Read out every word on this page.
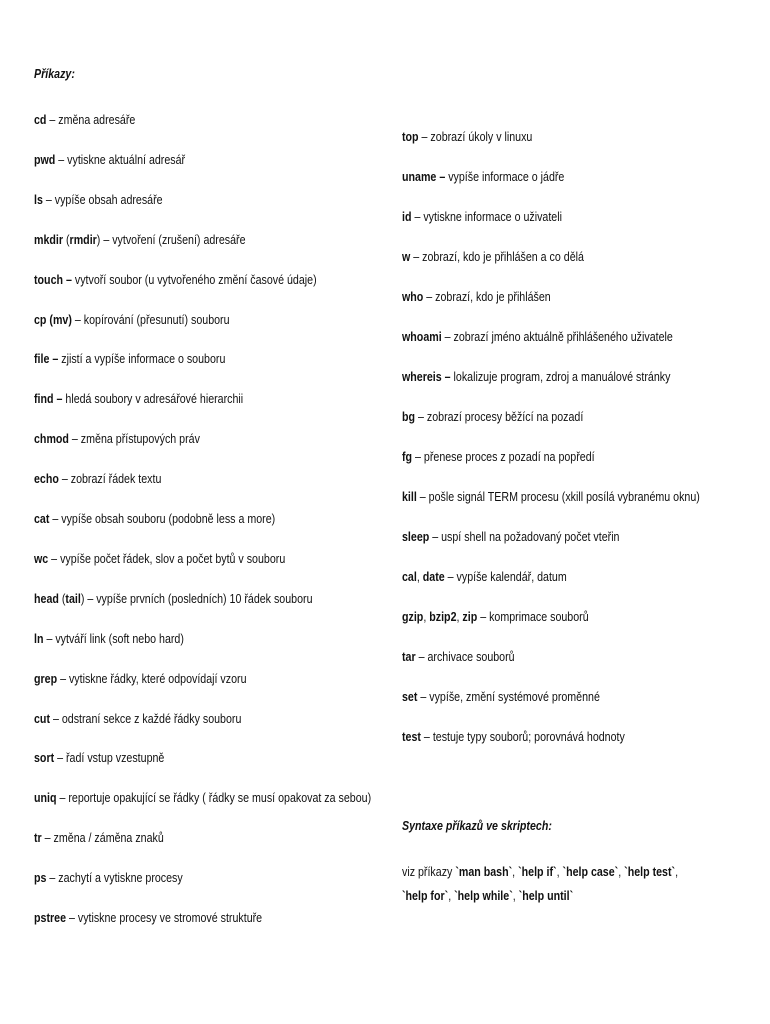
Příkazy:
cd – změna adresáře
pwd – vytiskne aktuální adresář
ls – vypíše obsah adresáře
mkdir (rmdir) – vytvoření (zrušení) adresáře
touch – vytvoří soubor (u vytvořeného změní časové údaje)
cp (mv) – kopírování (přesunutí) souboru
file – zjistí a vypíše informace o souboru
find – hledá soubory v adresářové hierarchii
chmod – změna přístupových práv
echo – zobrazí řádek textu
cat – vypíše obsah souboru (podobně less a more)
wc – vypíše počet řádek, slov a počet bytů v souboru
head (tail) – vypíše prvních (posledních) 10 řádek souboru
ln – vytváří link (soft nebo hard)
grep – vytiskne řádky, které odpovídají vzoru
cut – odstraní sekce z každé řádky souboru
sort – řadí vstup vzestupně
uniq – reportuje opakující se řádky ( řádky se musí opakovat za sebou)
tr – změna / záměna znaků
ps – zachytí a vytiskne procesy
pstree – vytiskne procesy ve stromové struktuře
top – zobrazí úkoly v linuxu
uname – vypíše informace o jádře
id – vytiskne informace o uživateli
w – zobrazí, kdo je přihlášen a co dělá
who – zobrazí, kdo je přihlášen
whoami – zobrazí jméno aktuálně přihlášeného uživatele
whereis – lokalizuje program, zdroj a manuálové stránky
bg – zobrazí procesy běžící na pozadí
fg – přenese proces z pozadí na popředí
kill – pošle signál TERM procesu (xkill posílá vybranému oknu)
sleep – uspí shell na požadovaný počet vteřin
cal, date – vypíše kalendář, datum
gzip, bzip2, zip – komprimace souborů
tar – archivace souborů
set – vypíše, změní systémové proměnné
test – testuje typy souborů; porovnává hodnoty
Syntaxe příkazů ve skriptech:
viz příkazy `man bash`, `help if`, `help case`, `help test`, `help for`, `help while`, `help until`
